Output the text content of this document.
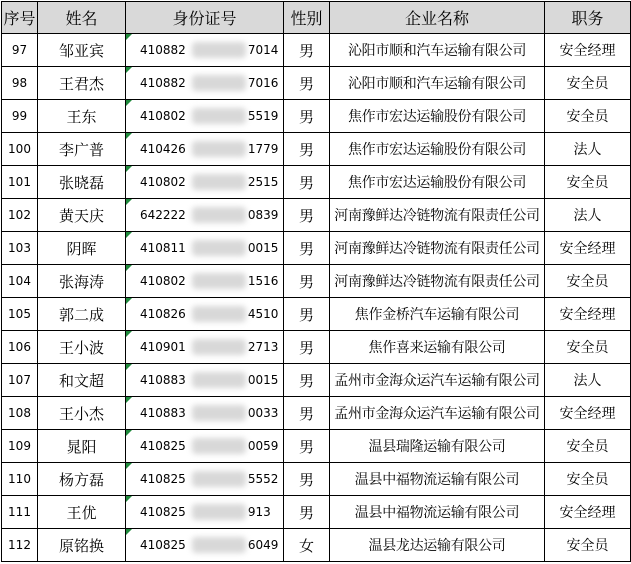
序号	姓名	身份证号	性别	企业名称	职务
97	邹亚宾	410882 7014	男	沁阳市顺和汽车运输有限公司	安全经理
98	王君杰	410882 7016	男	沁阳市顺和汽车运输有限公司	安全员
99	王东	410802 5519	男	焦作市宏达运输股份有限公司	安全员
100	李广普	410426 1779	男	焦作市宏达运输股份有限公司	法人
101	张晓磊	410802 2515	男	焦作市宏达运输股份有限公司	安全员
102	黄天庆	642222 0839	男	河南豫鲜达冷链物流有限责任公司	法人
103	阴晖	410811 0015	男	河南豫鲜达冷链物流有限责任公司	安全经理
104	张海涛	410802 1516	男	河南豫鲜达冷链物流有限责任公司	安全员
105	郭二成	410826 4510	男	焦作金桥汽车运输有限公司	安全经理
106	王小波	410901 2713	男	焦作喜来运输有限公司	安全员
107	和文超	410883 0015	男	孟州市金海众运汽车运输有限公司	法人
108	王小杰	410883 0033	男	孟州市金海众运汽车运输有限公司	安全经理
109	晁阳	410825 0059	男	温县瑞隆运输有限公司	安全员
110	杨方磊	410825 5552	男	温县中福物流运输有限公司	安全员
111	王优	410825 913	男	温县中福物流运输有限公司	安全经理
112	原铭换	410825 6049	女	温县龙达运输有限公司	安全员
